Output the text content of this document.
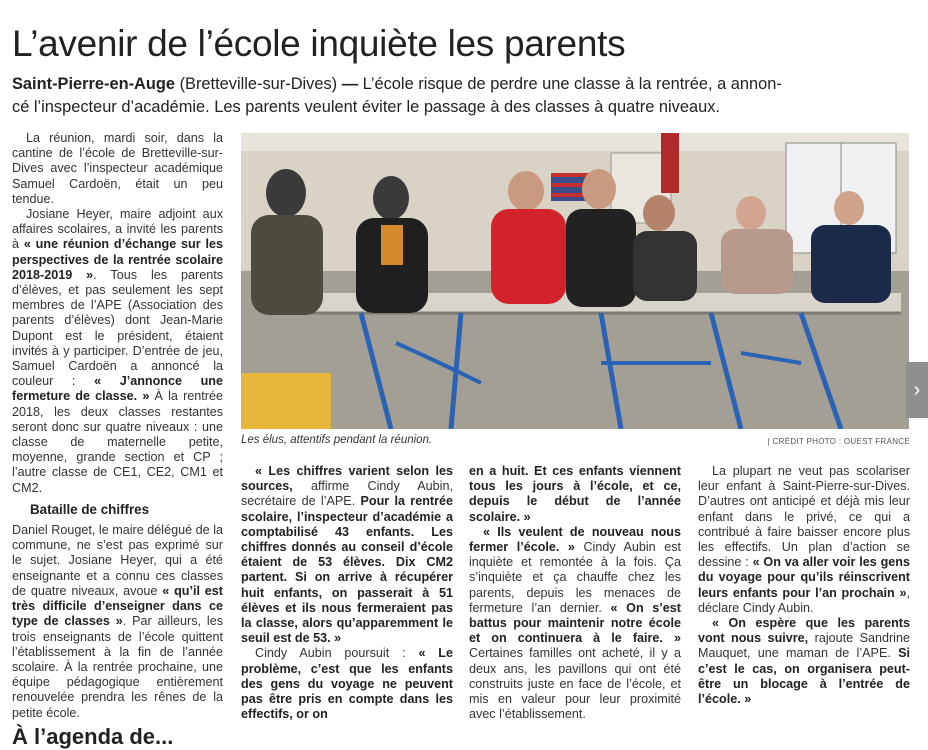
L’avenir de l’école inquiète les parents
Saint-Pierre-en-Auge (Bretteville-sur-Dives) — L’école risque de perdre une classe à la rentrée, a annon-
cé l’inspecteur d’académie. Les parents veulent éviter le passage à des classes à quatre niveaux.

La réunion, mardi soir, dans la cantine de l’école de Bretteville-sur-Dives avec l’inspecteur académique Samuel Cardoën, était un peu tendue.

Josiane Heyer, maire adjoint aux affaires scolaires, a invité les parents à « une réunion d’échange sur les perspectives de la rentrée scolaire 2018-2019 ». Tous les parents d’élèves, et pas seulement les sept membres de l’APE (Association des parents d’élèves) dont Jean-Marie Dupont est le président, étaient invités à y participer. D’entrée de jeu, Samuel Cardoën a annoncé la couleur : « J’annonce une fermeture de classe. » À la rentrée 2018, les deux classes restantes seront donc sur quatre niveaux : une classe de maternelle petite, moyenne, grande section et CP ; l’autre classe de CE1, CE2, CM1 et CM2.

Bataille de chiffres

Daniel Rouget, le maire délégué de la commune, ne s’est pas exprimé sur le sujet. Josiane Heyer, qui a été enseignante et a connu ces classes de quatre niveaux, avoue « qu’il est très difficile d’enseigner dans ce type de classes ». Par ailleurs, les trois enseignants de l’école quittent l’établissement à la fin de l’année scolaire. À la rentrée prochaine, une équipe pédagogique entièrement renouvelée prendra les rênes de la petite école.

Les élus, attentifs pendant la réunion.	| CRÉDIT PHOTO : OUEST FRANCE

« Les chiffres varient selon les sources, affirme Cindy Aubin, secrétaire de l’APE. Pour la rentrée scolaire, l’inspecteur d’académie a comptabilisé 43 enfants. Les chiffres donnés au conseil d’école étaient de 53 élèves. Dix CM2 partent. Si on arrive à récupérer huit enfants, on passerait à 51 élèves et ils nous fermeraient pas la classe, alors qu’apparemment le seuil est de 53. »

Cindy Aubin poursuit : « Le problème, c’est que les enfants des gens du voyage ne peuvent pas être pris en compte dans les effectifs, or on

en a huit. Et ces enfants viennent tous les jours à l’école, et ce, depuis le début de l’année scolaire. »

« Ils veulent de nouveau nous fermer l’école. » Cindy Aubin est inquiète et remontée à la fois. Ça s’inquiète et ça chauffe chez les parents, depuis les menaces de fermeture l’an dernier. « On s’est battus pour maintenir notre école et on continuera à le faire. » Certaines familles ont acheté, il y a deux ans, les pavillons qui ont été construits juste en face de l’école, et mis en valeur pour leur proximité avec l’établissement.

La plupart ne veut pas scolariser leur enfant à Saint-Pierre-sur-Dives. D’autres ont anticipé et déjà mis leur enfant dans le privé, ce qui a contribué à faire baisser encore plus les effectifs. Un plan d’action se dessine : « On va aller voir les gens du voyage pour qu’ils réinscrivent leurs enfants pour l’an prochain », déclare Cindy Aubin.

« On espère que les parents vont nous suivre, rajoute Sandrine Mauquet, une maman de l’APE. Si c’est le cas, on organisera peut-être un blocage à l’entrée de l’école. »

›
À l’agenda de...
